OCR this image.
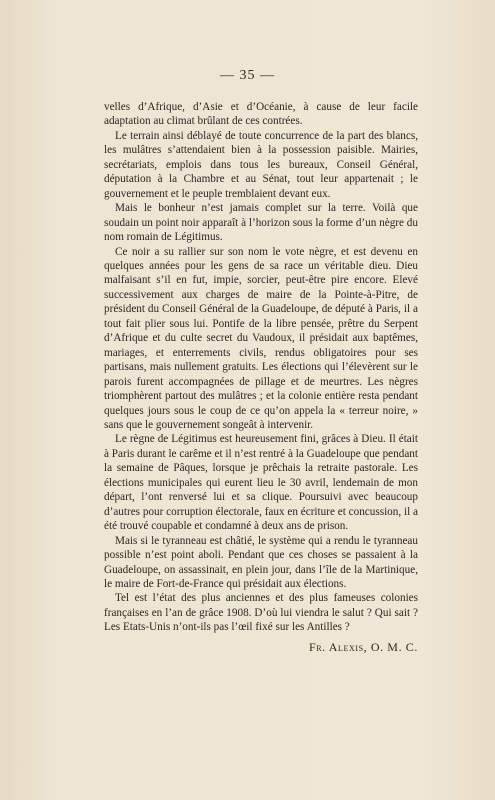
— 35 —

velles d’Afrique, d’Asie et d’Océanie, à cause de leur facile adaptation au climat brûlant de ces contrées.

Le terrain ainsi déblayé de toute concurrence de la part des blancs, les mulâtres s’attendaient bien à la possession paisible. Mairies, secrétariats, emplois dans tous les bureaux, Conseil Général, députation à la Chambre et au Sénat, tout leur appartenait ; le gouvernement et le peuple tremblaient devant eux.

Mais le bonheur n’est jamais complet sur la terre. Voilà que soudain un point noir apparaît à l’horizon sous la forme d’un nègre du nom romain de Légitimus.

Ce noir a su rallier sur son nom le vote nègre, et est devenu en quelques années pour les gens de sa race un véritable dieu. Dieu malfaisant s’il en fut, impie, sorcier, peut-être pire encore. Elevé successivement aux charges de maire de la Pointe-à-Pitre, de président du Conseil Général de la Guadeloupe, de député à Paris, il a tout fait plier sous lui. Pontife de la libre pensée, prêtre du Serpent d’Afrique et du culte secret du Vaudoux, il présidait aux baptêmes, mariages, et enterrements civils, rendus obligatoires pour ses partisans, mais nullement gratuits. Les élections qui l’élevèrent sur le parois furent accompagnées de pillage et de meurtres. Les nègres triomphèrent partout des mulâtres ; et la colonie entière resta pendant quelques jours sous le coup de ce qu’on appela la « terreur noire, » sans que le gouvernement songeât à intervenir.

Le règne de Légitimus est heureusement fini, grâces à Dieu. Il était à Paris durant le carême et il n’est rentré à la Guadeloupe que pendant la semaine de Pâques, lorsque je prêchais la retraite pastorale. Les élections municipales qui eurent lieu le 30 avril, lendemain de mon départ, l’ont renversé lui et sa clique. Poursuivi avec beaucoup d’autres pour corruption électorale, faux en écriture et concussion, il a été trouvé coupable et condamné à deux ans de prison.

Mais si le tyranneau est châtié, le système qui a rendu le tyranneau possible n’est point aboli. Pendant que ces choses se passaient à la Guadeloupe, on assassinait, en plein jour, dans l’île de la Martinique, le maire de Fort-de-France qui présidait aux élections.

Tel est l’état des plus anciennes et des plus fameuses colonies françaises en l’an de grâce 1908. D’où lui viendra le salut ? Qui sait ? Les Etats-Unis n’ont-ils pas l’œil fixé sur les Antilles ?

Fr. Alexis, O. M. C.
